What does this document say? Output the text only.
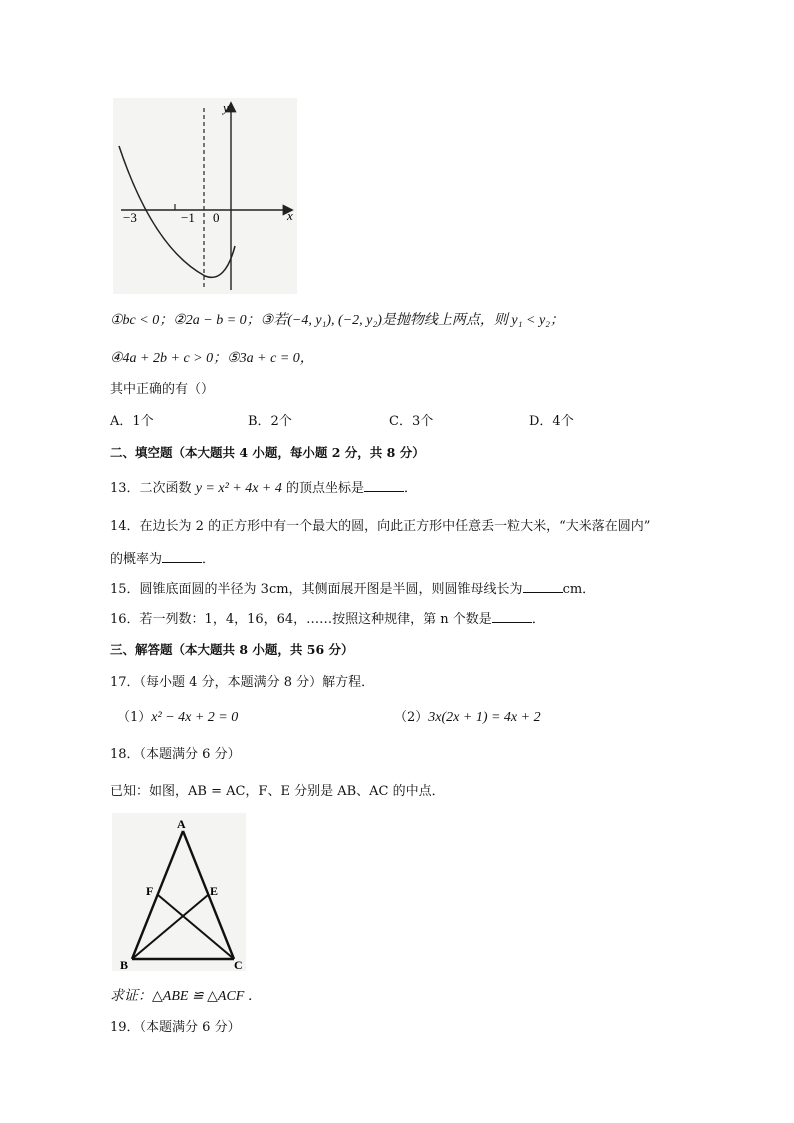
y
x
−3	−1 0
①bc < 0；②2a − b = 0；③若(−4, y₁), (−2, y₂)是抛物线上两点，则 y₁ < y₂；
④4a + 2b + c > 0；⑤3a + c = 0，
其中正确的有（）
A．1个	B．2个	C．3个	D．4个
二、填空题（本大题共 4 小题，每小题 2 分，共 8 分）
13．二次函数 y = x² + 4x + 4 的顶点坐标是	．
14．在边长为 2 的正方形中有一个最大的圆，向此正方形中任意丢一粒大米，“大米落在圆内”
的概率为	．
15．圆锥底面圆的半径为 3cm，其侧面展开图是半圆，则圆锥母线长为	cm．
16．若一列数：1，4，16，64，……按照这种规律，第 n 个数是	．
三、解答题（本大题共 8 小题，共 56 分）
17．（每小题 4 分，本题满分 8 分）解方程．
（1）x² − 4x + 2 = 0	（2）3x(2x + 1) = 4x + 2
18．（本题满分 6 分）
已知：如图，AB = AC，F、E 分别是 AB、AC 的中点．
A
B	C
F	E
求证：△ABE ≌ △ACF ．
19．（本题满分 6 分）
